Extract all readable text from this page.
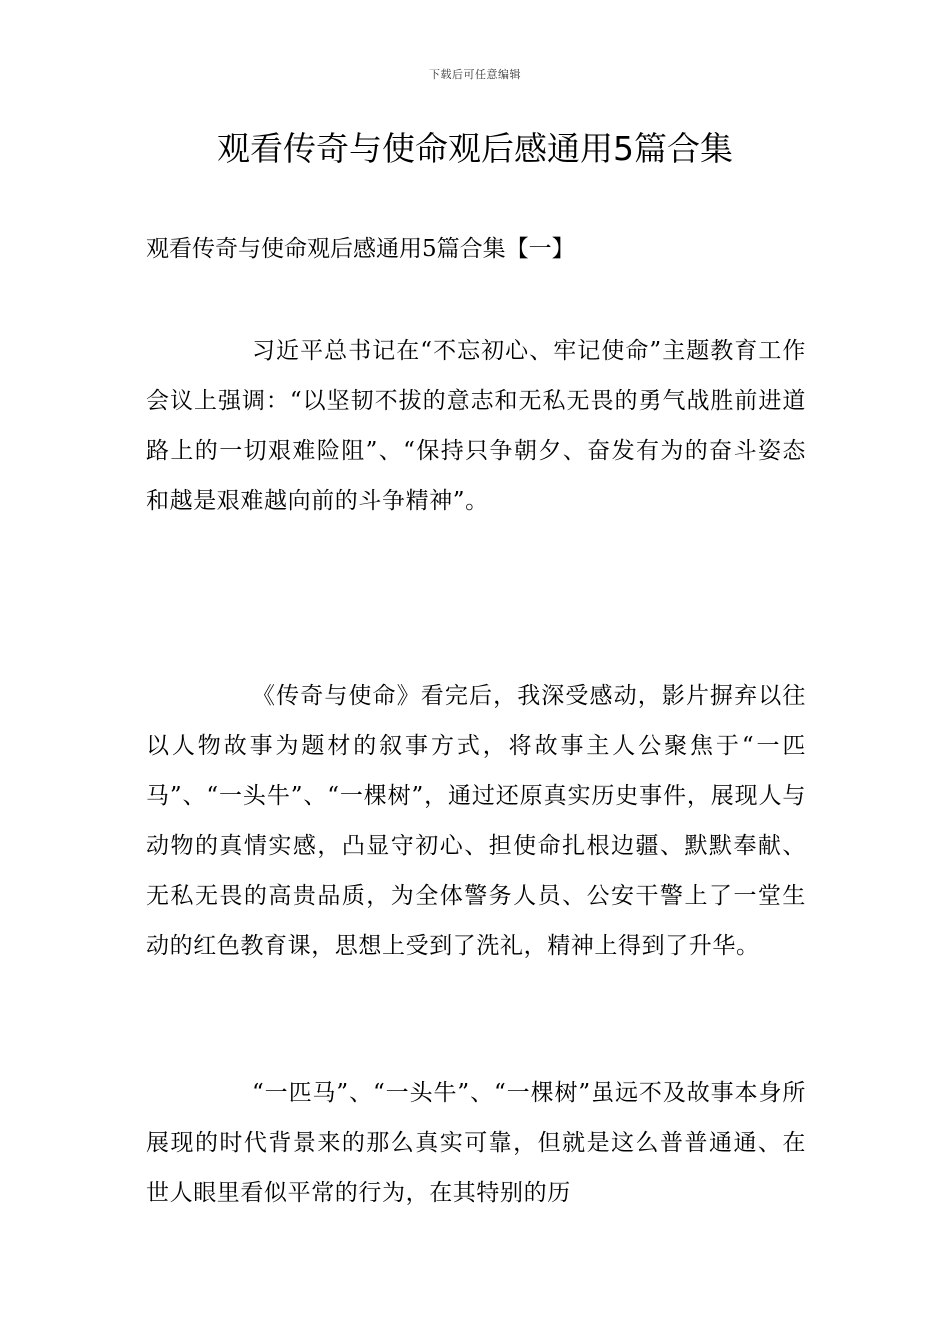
下载后可任意编辑
观看传奇与使命观后感通用5篇合集
观看传奇与使命观后感通用5篇合集【一】

习近平总书记在“不忘初心、牢记使命”主题教育工作会议上强调：“以坚韧不拔的意志和无私无畏的勇气战胜前进道路上的一切艰难险阻”、“保持只争朝夕、奋发有为的奋斗姿态和越是艰难越向前的斗争精神”。

《传奇与使命》看完后，我深受感动，影片摒弃以往以人物故事为题材的叙事方式，将故事主人公聚焦于“一匹马”、“一头牛”、“一棵树”，通过还原真实历史事件，展现人与动物的真情实感，凸显守初心、担使命扎根边疆、默默奉献、无私无畏的高贵品质，为全体警务人员、公安干警上了一堂生动的红色教育课，思想上受到了洗礼，精神上得到了升华。

“一匹马”、“一头牛”、“一棵树”虽远不及故事本身所展现的时代背景来的那么真实可靠，但就是这么普普通通、在世人眼里看似平常的行为，在其特别的历
